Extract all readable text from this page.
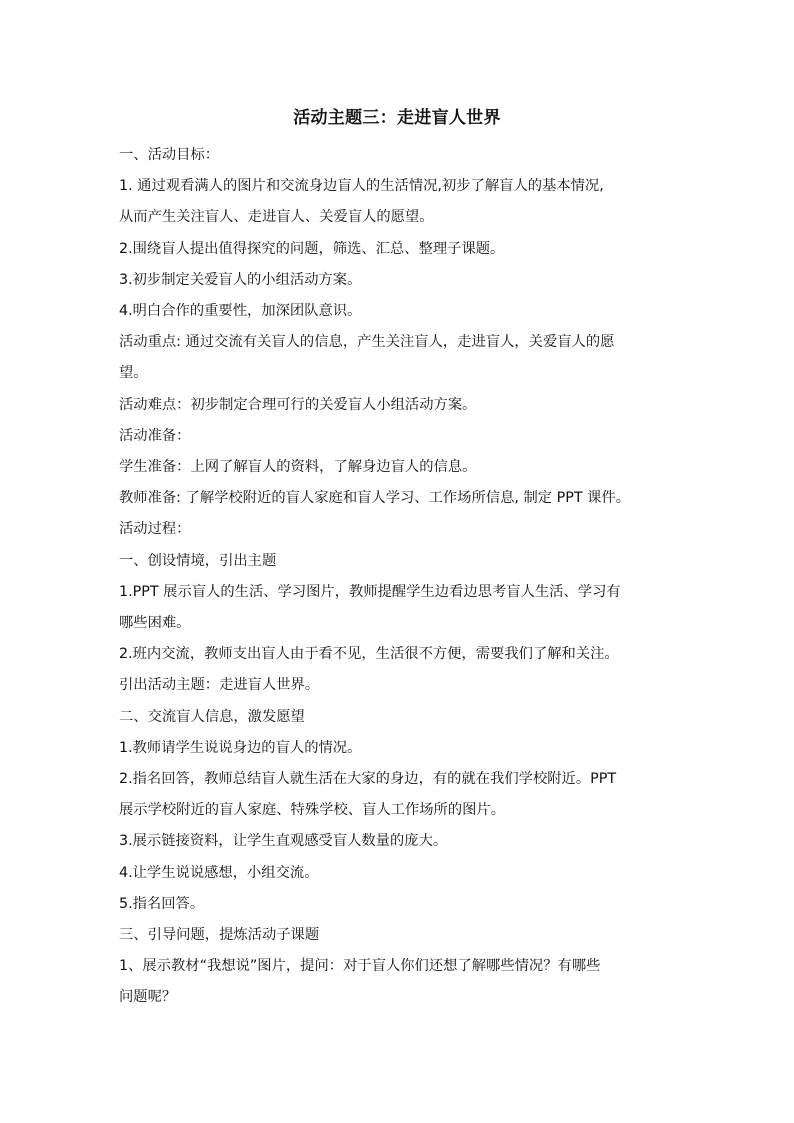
活动主题三：走进盲人世界

一、活动目标：

1. 通过观看满人的图片和交流身边盲人的生活情况,初步了解盲人的基本情况,

从而产生关注盲人、走进盲人、关爱盲人的愿望。

2.围绕盲人提出值得探究的问题，筛选、汇总、整理子课题。

3.初步制定关爱盲人的小组活动方案。

4.明白合作的重要性，加深团队意识。

活动重点: 通过交流有关盲人的信息，产生关注盲人，走进盲人，关爱盲人的愿

望。

活动难点：初步制定合理可行的关爱盲人小组活动方案。

活动准备：

学生准备：上网了解盲人的资料，了解身边盲人的信息。

教师准备: 了解学校附近的盲人家庭和盲人学习、工作场所信息, 制定 PPT 课件。

活动过程：

一、创设情境，引出主题

1.PPT 展示盲人的生活、学习图片，教师提醒学生边看边思考盲人生活、学习有

哪些困难。

2.班内交流，教师支出盲人由于看不见，生活很不方便，需要我们了解和关注。

引出活动主题：走进盲人世界。

二、交流盲人信息，激发愿望

1.教师请学生说说身边的盲人的情况。

2.指名回答，教师总结盲人就生活在大家的身边，有的就在我们学校附近。PPT

展示学校附近的盲人家庭、特殊学校、盲人工作场所的图片。

3.展示链接资料，让学生直观感受盲人数量的庞大。

4.让学生说说感想，小组交流。

5.指名回答。

三、引导问题，提炼活动子课题

1、展示教材“我想说”图片，提问：对于盲人你们还想了解哪些情况？有哪些

问题呢？
